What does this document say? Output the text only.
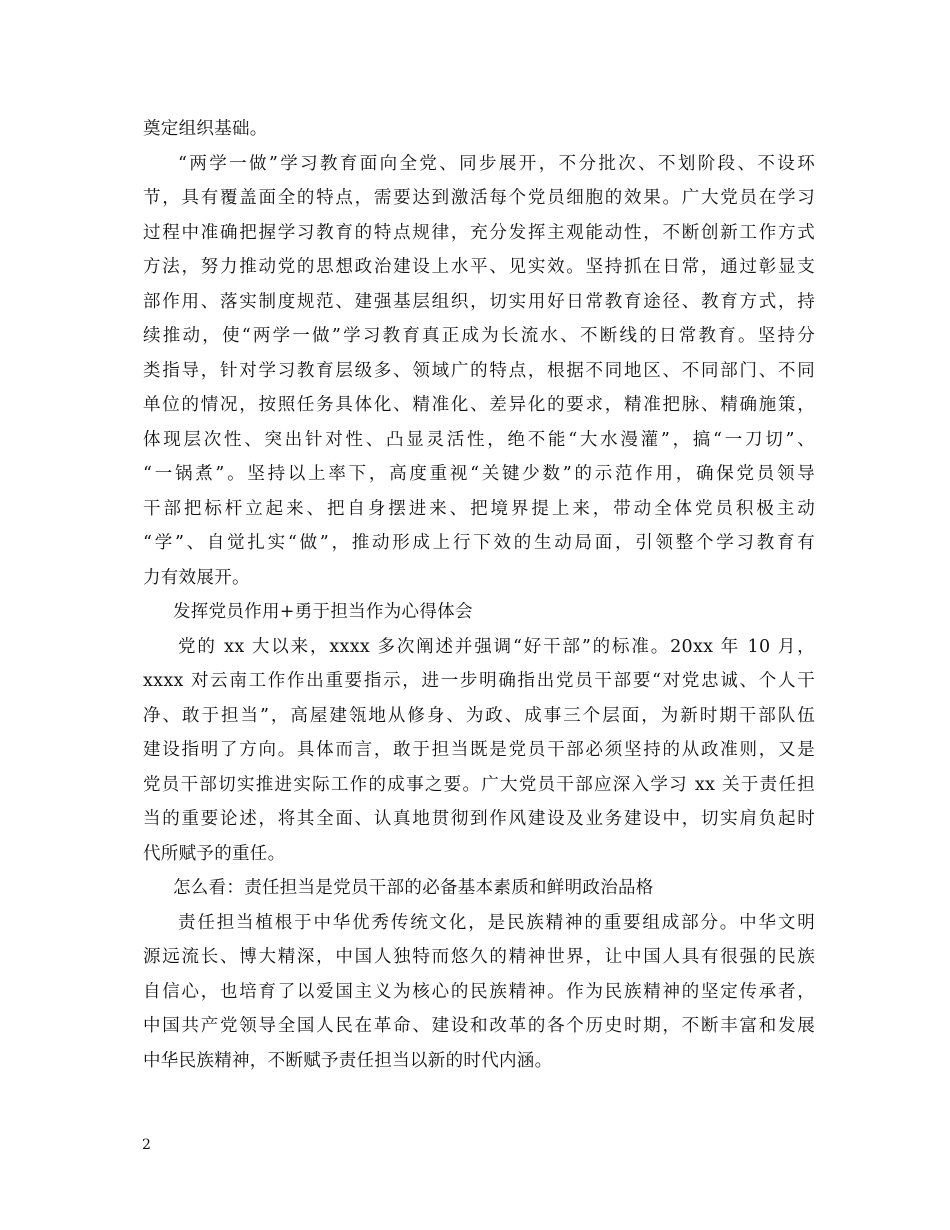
奠定组织基础。
“两学一做”学习教育面向全党、同步展开，不分批次、不划阶段、不设环
节，具有覆盖面全的特点，需要达到激活每个党员细胞的效果。广大党员在学习
过程中准确把握学习教育的特点规律，充分发挥主观能动性，不断创新工作方式
方法，努力推动党的思想政治建设上水平、见实效。坚持抓在日常，通过彰显支
部作用、落实制度规范、建强基层组织，切实用好日常教育途径、教育方式，持
续推动，使“两学一做”学习教育真正成为长流水、不断线的日常教育。坚持分
类指导，针对学习教育层级多、领域广的特点，根据不同地区、不同部门、不同
单位的情况，按照任务具体化、精准化、差异化的要求，精准把脉、精确施策，
体现层次性、突出针对性、凸显灵活性，绝不能“大水漫灌”，搞“一刀切”、
“一锅煮”。坚持以上率下，高度重视“关键少数”的示范作用，确保党员领导
干部把标杆立起来、把自身摆进来、把境界提上来，带动全体党员积极主动
“学”、自觉扎实“做”，推动形成上行下效的生动局面，引领整个学习教育有
力有效展开。
发挥党员作用+勇于担当作为心得体会
党的 xx 大以来，xxxx 多次阐述并强调“好干部”的标准。20xx 年 10 月，
xxxx 对云南工作作出重要指示，进一步明确指出党员干部要“对党忠诚、个人干
净、敢于担当”，高屋建瓴地从修身、为政、成事三个层面，为新时期干部队伍
建设指明了方向。具体而言，敢于担当既是党员干部必须坚持的从政准则，又是
党员干部切实推进实际工作的成事之要。广大党员干部应深入学习 xx 关于责任担
当的重要论述，将其全面、认真地贯彻到作风建设及业务建设中，切实肩负起时
代所赋予的重任。
怎么看：责任担当是党员干部的必备基本素质和鲜明政治品格
责任担当植根于中华优秀传统文化，是民族精神的重要组成部分。中华文明
源远流长、博大精深，中国人独特而悠久的精神世界，让中国人具有很强的民族
自信心，也培育了以爱国主义为核心的民族精神。作为民族精神的坚定传承者，
中国共产党领导全国人民在革命、建设和改革的各个历史时期，不断丰富和发展
中华民族精神，不断赋予责任担当以新的时代内涵。
2
